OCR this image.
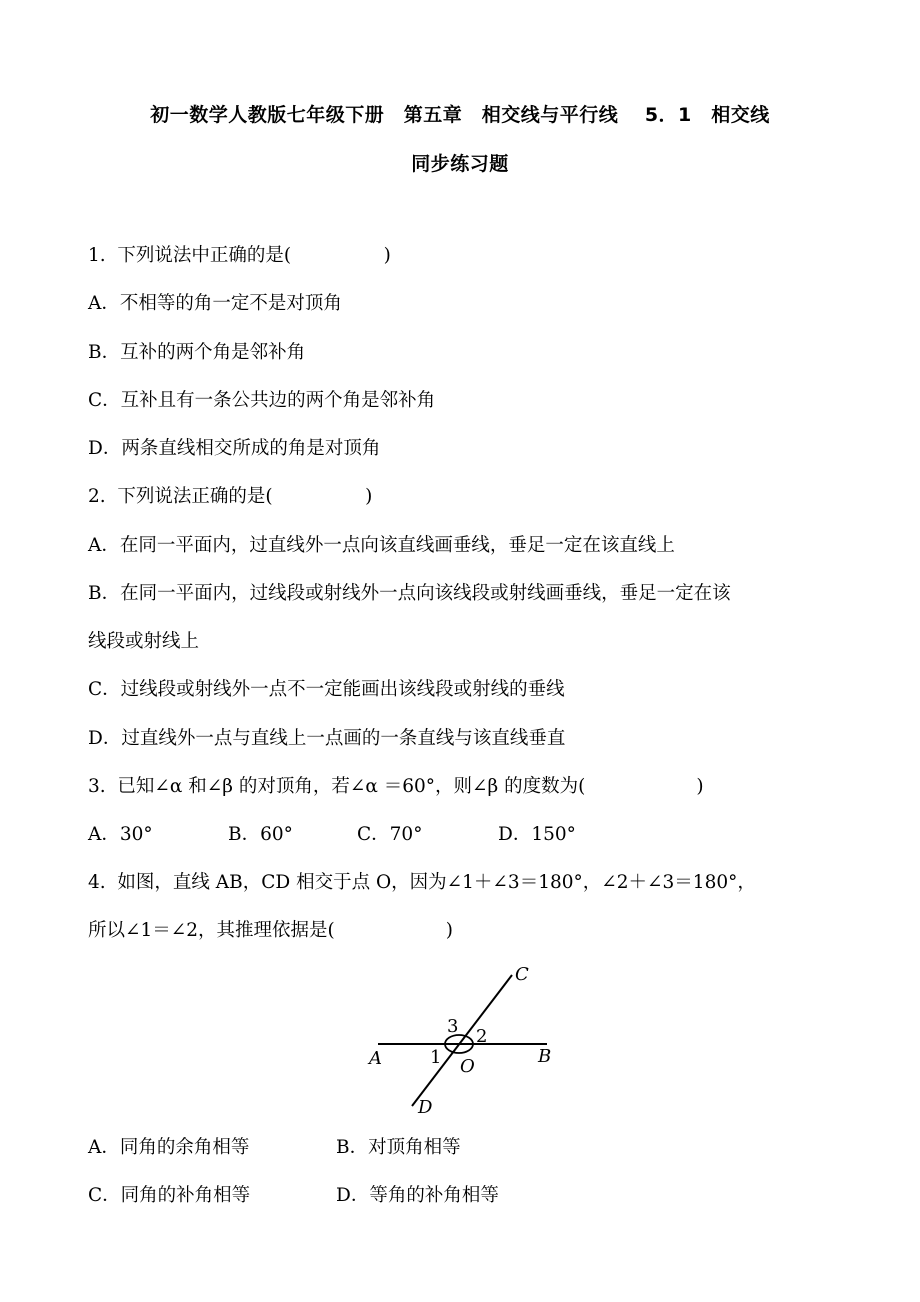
初一数学人教版七年级下册　第五章　相交线与平行线　 5．1　相交线
同步练习题
1.  下列说法中正确的是(　　　　　)
A．不相等的角一定不是对顶角
B．互补的两个角是邻补角
C．互补且有一条公共边的两个角是邻补角
D．两条直线相交所成的角是对顶角
2.  下列说法正确的是(　　　　　)
A．在同一平面内，过直线外一点向该直线画垂线，垂足一定在该直线上
B．在同一平面内，过线段或射线外一点向该线段或射线画垂线，垂足一定在该
线段或射线上
C．过线段或射线外一点不一定能画出该线段或射线的垂线
D．过直线外一点与直线上一点画的一条直线与该直线垂直
3.  已知∠α 和∠β 的对顶角，若∠α ＝60°，则∠β 的度数为(　　　　　　)
A．30°	B．60°	C．70°	D．150°
4.  如图，直线 AB，CD 相交于点 O，因为∠1＋∠3＝180°，∠2＋∠3＝180°，
所以∠1＝∠2，其推理依据是(　　　　　　)
C
A	B
D
O
1
2
3
A．同角的余角相等	B．对顶角相等
C．同角的补角相等	D．等角的补角相等
